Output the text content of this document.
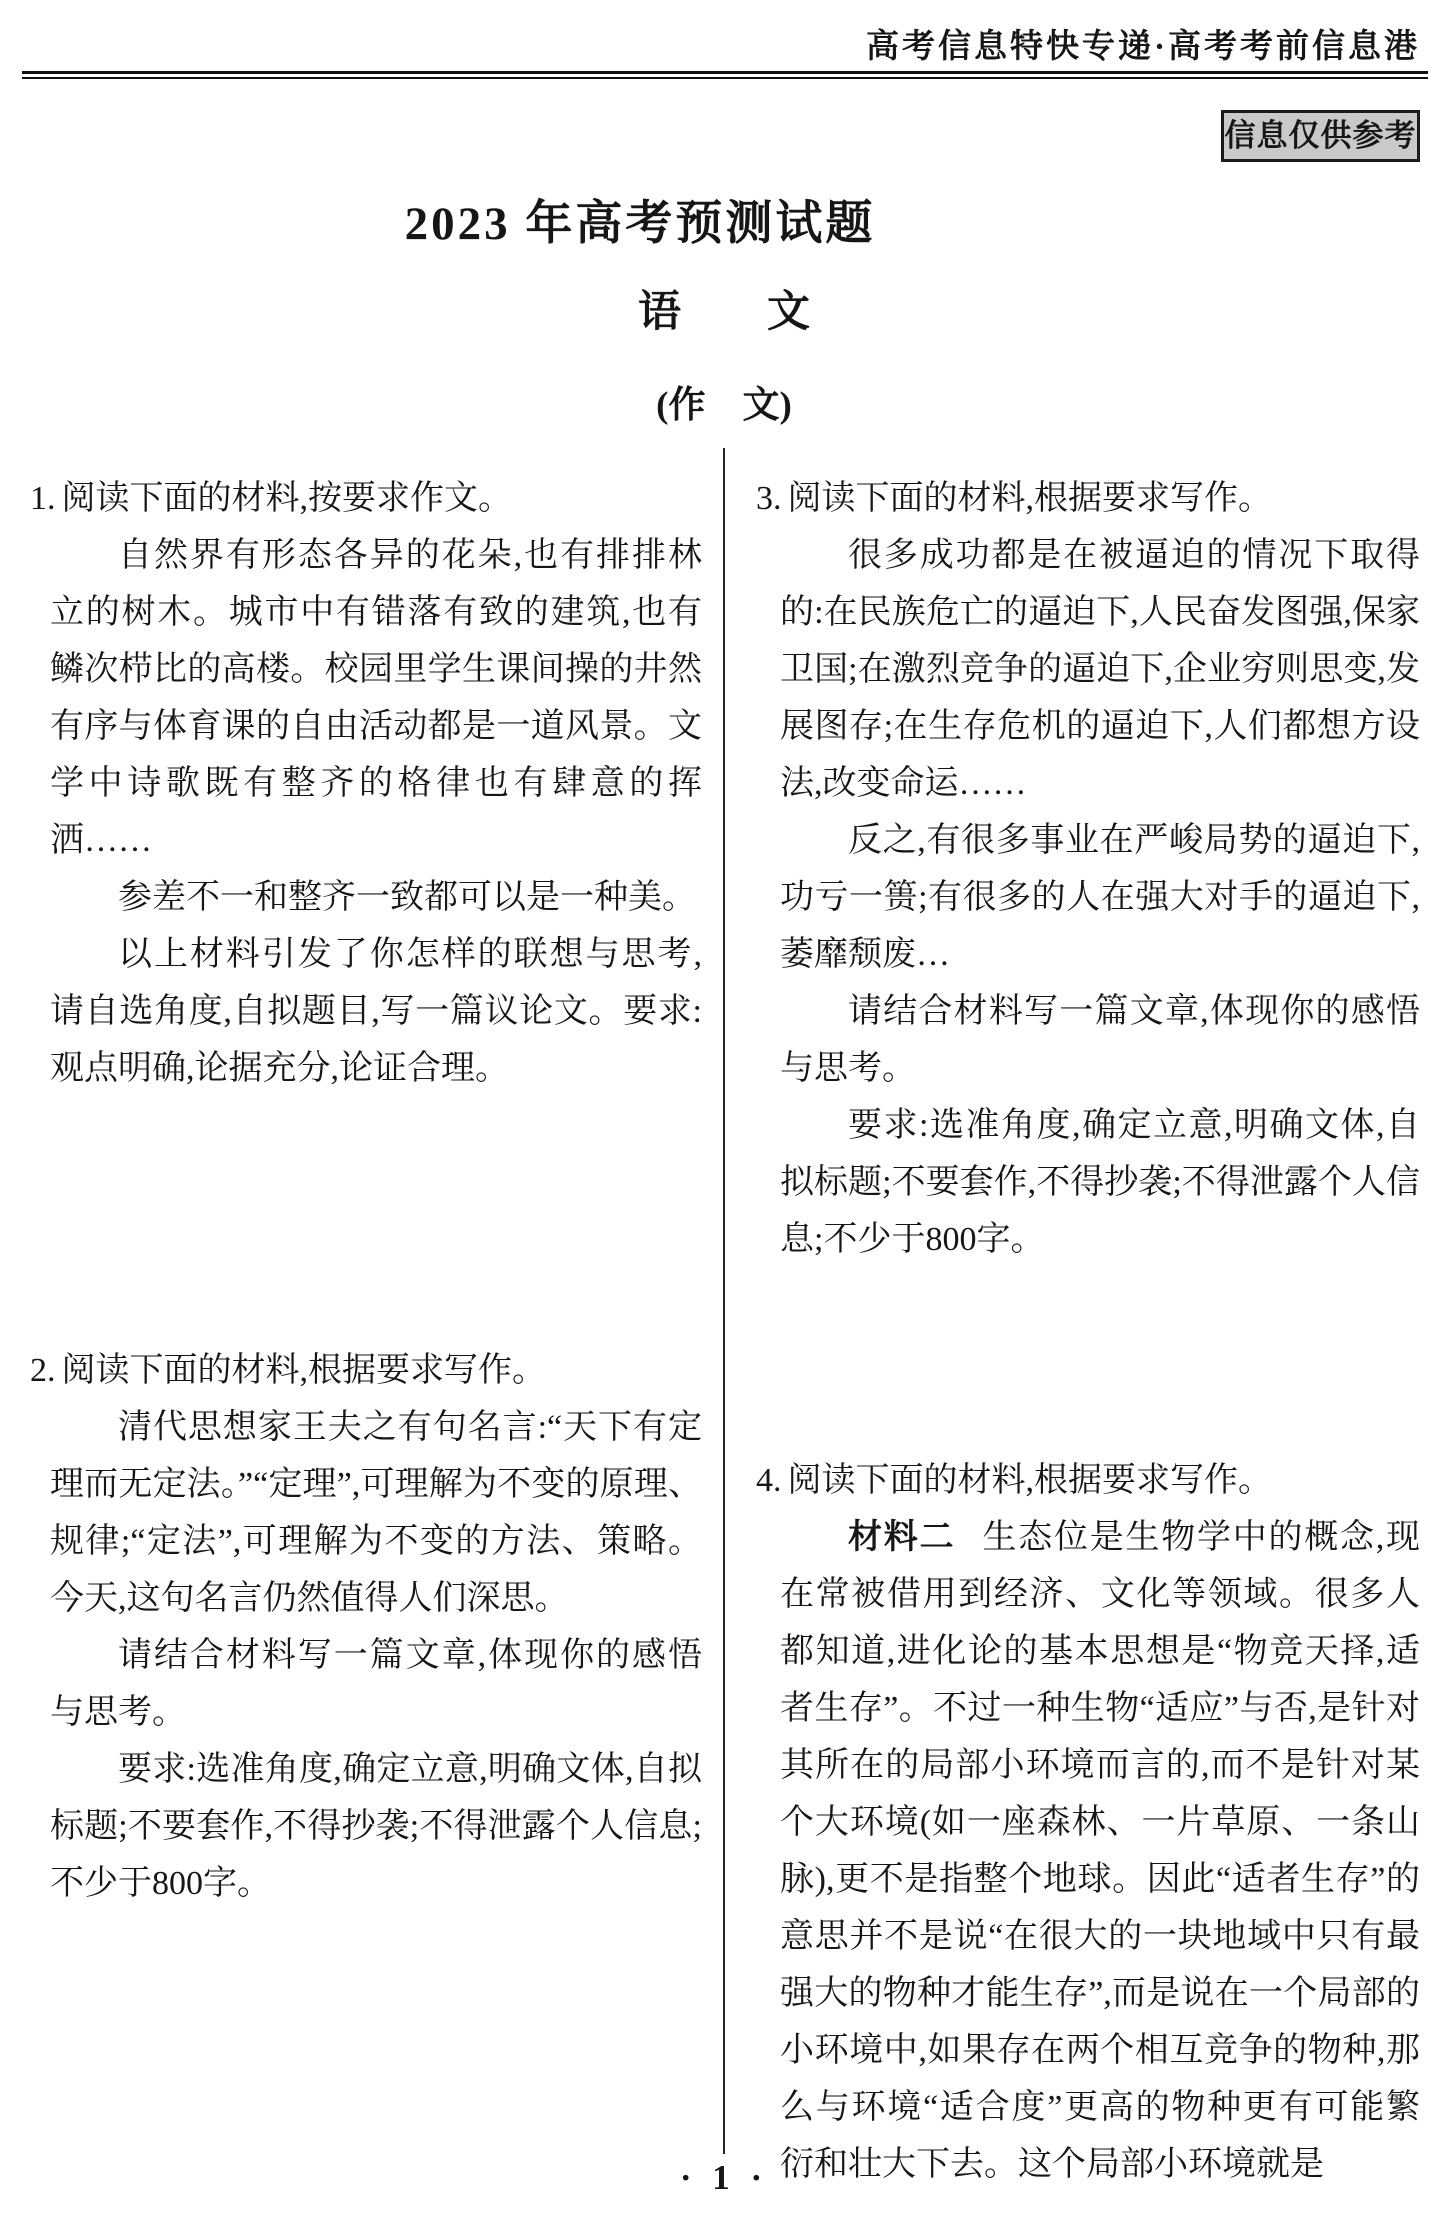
高考信息特快专递·高考考前信息港
信息仅供参考
2023 年高考预测试题
语　　文
(作　文)

1. 阅读下面的材料,按要求作文。

自然界有形态各异的花朵,也有排排林立的树木。城市中有错落有致的建筑,也有鳞次栉比的高楼。校园里学生课间操的井然有序与体育课的自由活动都是一道风景。文学中诗歌既有整齐的格律也有肆意的挥洒……

参差不一和整齐一致都可以是一种美。

以上材料引发了你怎样的联想与思考,请自选角度,自拟题目,写一篇议论文。要求:观点明确,论据充分,论证合理。

2. 阅读下面的材料,根据要求写作。

清代思想家王夫之有句名言:“天下有定理而无定法。”“定理”,可理解为不变的原理、规律;“定法”,可理解为不变的方法、策略。今天,这句名言仍然值得人们深思。

请结合材料写一篇文章,体现你的感悟与思考。

要求:选准角度,确定立意,明确文体,自拟标题;不要套作,不得抄袭;不得泄露个人信息;不少于800字。

3. 阅读下面的材料,根据要求写作。

很多成功都是在被逼迫的情况下取得的:在民族危亡的逼迫下,人民奋发图强,保家卫国;在激烈竞争的逼迫下,企业穷则思变,发展图存;在生存危机的逼迫下,人们都想方设法,改变命运……

反之,有很多事业在严峻局势的逼迫下,功亏一篑;有很多的人在强大对手的逼迫下,萎靡颓废…

请结合材料写一篇文章,体现你的感悟与思考。

要求:选准角度,确定立意,明确文体,自拟标题;不要套作,不得抄袭;不得泄露个人信息;不少于800字。

4. 阅读下面的材料,根据要求写作。

材料二 生态位是生物学中的概念,现在常被借用到经济、文化等领域。很多人都知道,进化论的基本思想是“物竞天择,适者生存”。不过一种生物“适应”与否,是针对其所在的局部小环境而言的,而不是针对某个大环境(如一座森林、一片草原、一条山脉),更不是指整个地球。因此“适者生存”的意思并不是说“在很大的一块地域中只有最强大的物种才能生存”,而是说在一个局部的小环境中,如果存在两个相互竞争的物种,那么与环境“适合度”更高的物种更有可能繁衍和壮大下去。这个局部小环境就是

· 1 ·
